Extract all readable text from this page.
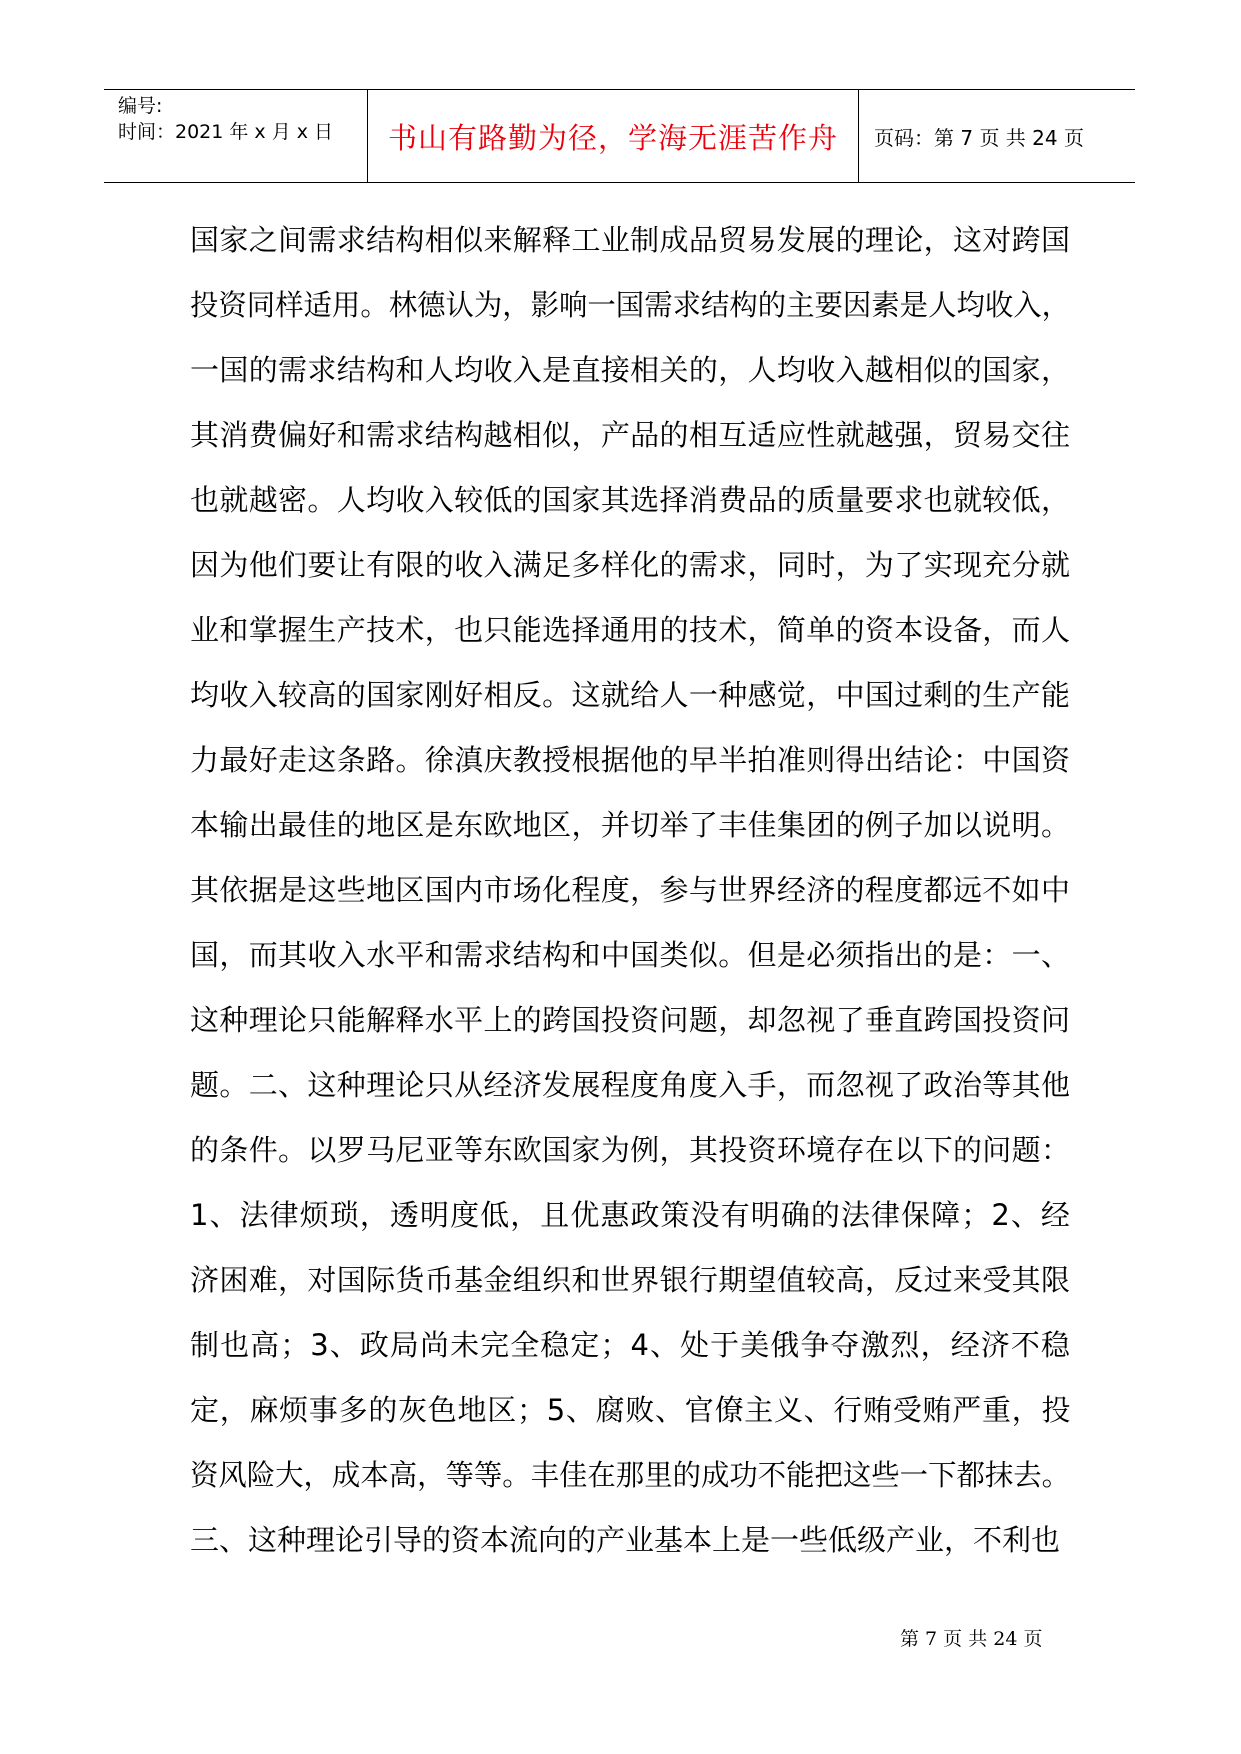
编号:
时间：2021 年 x 月 x 日	书山有路勤为径，学海无涯苦作舟	页码：第 7 页 共 24 页
国家之间需求结构相似来解释工业制成品贸易发展的理论，这对跨国
投资同样适用。林德认为，影响一国需求结构的主要因素是人均收入，
一国的需求结构和人均收入是直接相关的，人均收入越相似的国家，
其消费偏好和需求结构越相似，产品的相互适应性就越强，贸易交往
也就越密。人均收入较低的国家其选择消费品的质量要求也就较低，
因为他们要让有限的收入满足多样化的需求，同时，为了实现充分就
业和掌握生产技术，也只能选择通用的技术，简单的资本设备，而人
均收入较高的国家刚好相反。这就给人一种感觉，中国过剩的生产能
力最好走这条路。徐滇庆教授根据他的早半拍准则得出结论：中国资
本输出最佳的地区是东欧地区，并切举了丰佳集团的例子加以说明。
其依据是这些地区国内市场化程度，参与世界经济的程度都远不如中
国，而其收入水平和需求结构和中国类似。但是必须指出的是：一、
这种理论只能解释水平上的跨国投资问题，却忽视了垂直跨国投资问
题。二、这种理论只从经济发展程度角度入手，而忽视了政治等其他
的条件。以罗马尼亚等东欧国家为例，其投资环境存在以下的问题：
1、法律烦琐，透明度低，且优惠政策没有明确的法律保障；2、经
济困难，对国际货币基金组织和世界银行期望值较高，反过来受其限
制也高；3、政局尚未完全稳定；4、处于美俄争夺激烈，经济不稳
定，麻烦事多的灰色地区；5、腐败、官僚主义、行贿受贿严重，投
资风险大，成本高，等等。丰佳在那里的成功不能把这些一下都抹去。
三、这种理论引导的资本流向的产业基本上是一些低级产业，不利也
第 7 页 共 24 页
